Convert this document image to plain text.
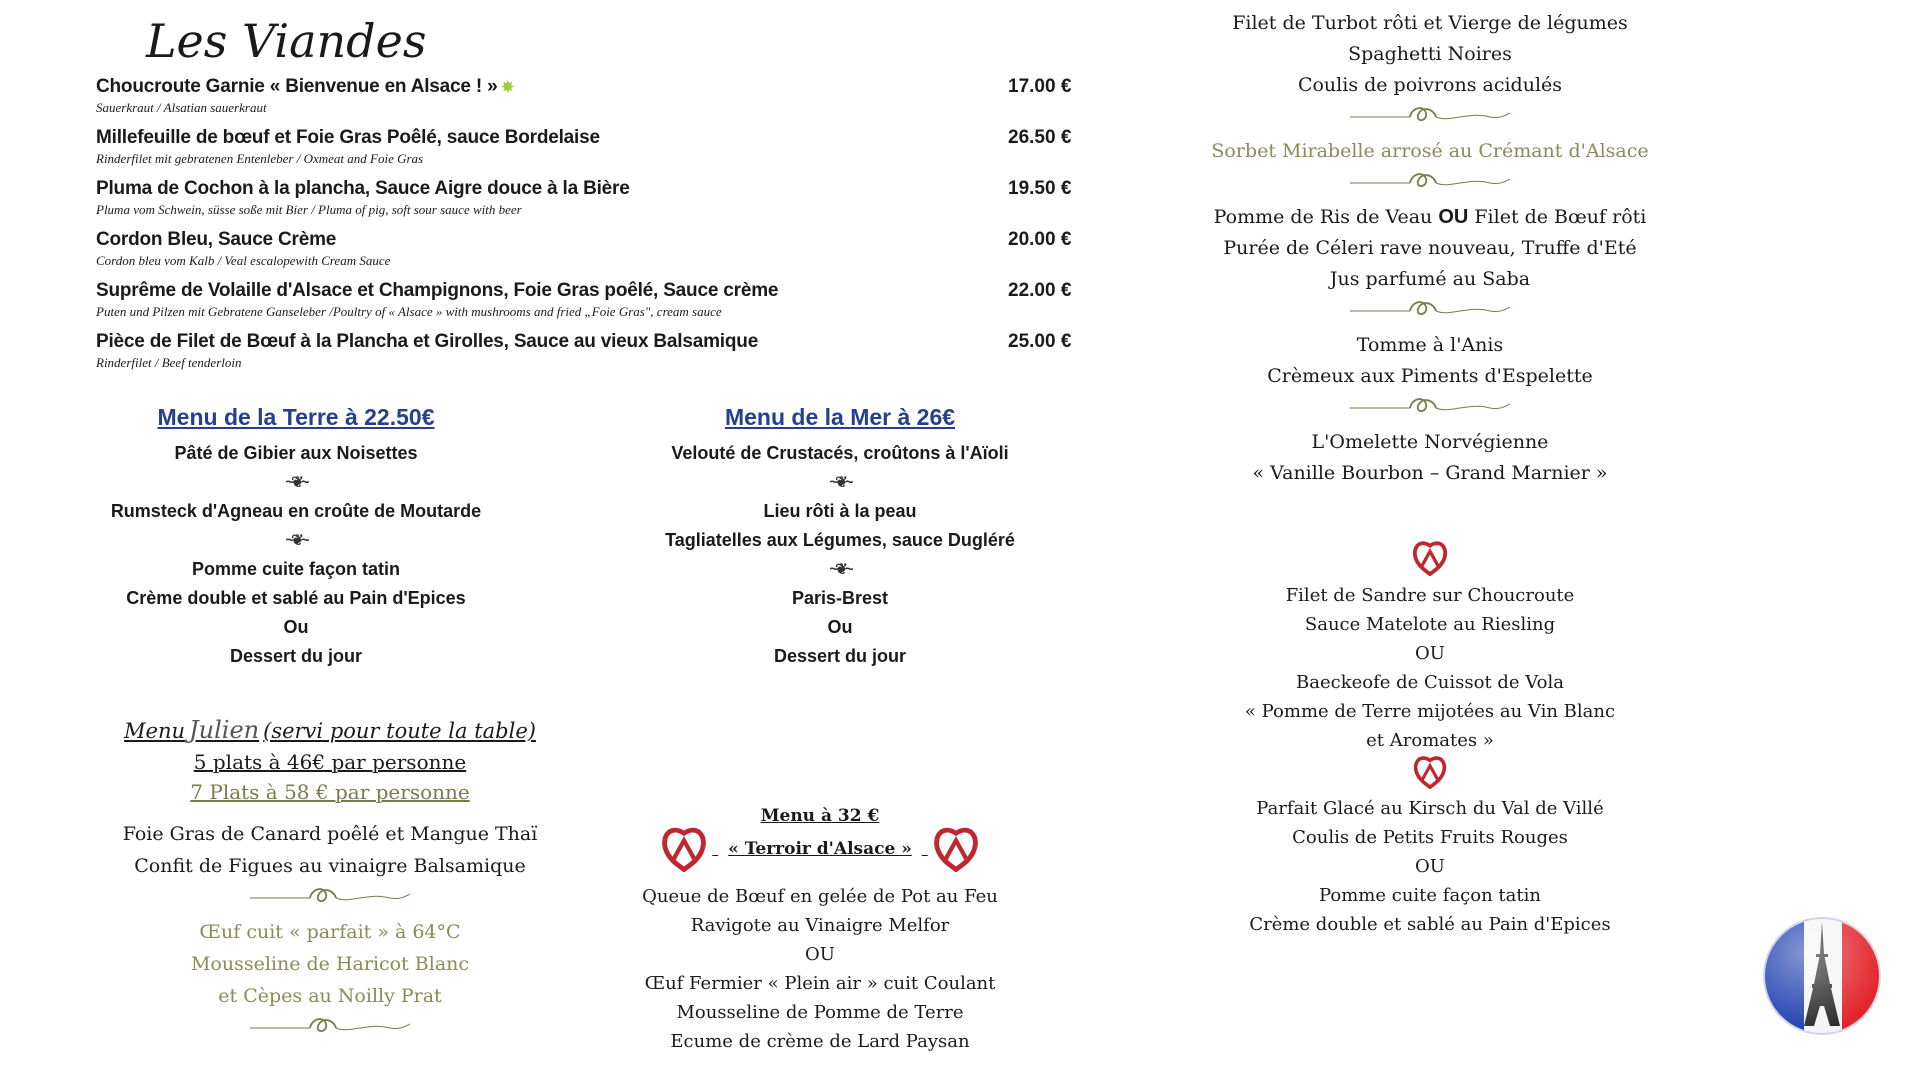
Les Viandes
Choucroute Garnie « Bienvenue en Alsace ! » ✸	17.00 €
Sauerkraut / Alsatian sauerkraut
Millefeuille de bœuf et Foie Gras Poêlé, sauce Bordelaise	26.50 €
Rinderfilet mit gebratenen Entenleber / Oxmeat and Foie Gras
Pluma de Cochon à la plancha, Sauce Aigre douce à la Bière	19.50 €
Pluma vom Schwein, süsse soße mit Bier / Pluma of pig, soft sour sauce with beer
Cordon Bleu, Sauce Crème	20.00 €
Cordon bleu vom Kalb / Veal escalopewith Cream Sauce
Suprême de Volaille d'Alsace et Champignons, Foie Gras poêlé, Sauce crème	22.00 €
Puten und Pilzen mit Gebratene Ganseleber /Poultry of « Alsace » with mushrooms and fried „Foie Gras", cream sauce
Pièce de Filet de Bœuf à la Plancha et Girolles, Sauce au vieux Balsamique	25.00 €
Rinderfilet / Beef tenderloin
Menu de la Terre à 22.50€
Pâté de Gibier aux Noisettes
~❦~
Rumsteck d'Agneau en croûte de Moutarde
~❦~
Pomme cuite façon tatin
Crème double et sablé au Pain d'Epices
Ou
Dessert du jour
Menu de la Mer à 26€
Velouté de Crustacés, croûtons à l'Aïoli
~❦~
Lieu rôti à la peau
Tagliatelles aux Légumes, sauce Dugléré
~❦~
Paris-Brest
Ou
Dessert du jour
Menu Julien (servi pour toute la table)
5 plats à 46€ par personne
7 Plats à 58 € par personne
Foie Gras de Canard poêlé et Mangue Thaï
Confit de Figues au vinaigre Balsamique
Œuf cuit « parfait » à 64°C
Mousseline de Haricot Blanc
et Cèpes au Noilly Prat
Menu à 32 €
« Terroir d'Alsace »
Queue de Bœuf en gelée de Pot au Feu
Ravigote au Vinaigre Melfor
OU
Œuf Fermier « Plein air » cuit Coulant
Mousseline de Pomme de Terre
Ecume de crème de Lard Paysan
Filet de Turbot rôti et Vierge de légumes
Spaghetti Noires
Coulis de poivrons acidulés
Sorbet Mirabelle arrosé au Crémant d'Alsace
Pomme de Ris de Veau OU Filet de Bœuf rôti
Purée de Céleri rave nouveau, Truffe d'Eté
Jus parfumé au Saba
Tomme à l'Anis
Crèmeux aux Piments d'Espelette
L'Omelette Norvégienne
« Vanille Bourbon – Grand Marnier »
Filet de Sandre sur Choucroute
Sauce Matelote au Riesling
OU
Baeckeofe de Cuissot de Vola
« Pomme de Terre mijotées au Vin Blanc
et Aromates »
Parfait Glacé au Kirsch du Val de Villé
Coulis de Petits Fruits Rouges
OU
Pomme cuite façon tatin
Crème double et sablé au Pain d'Epices
